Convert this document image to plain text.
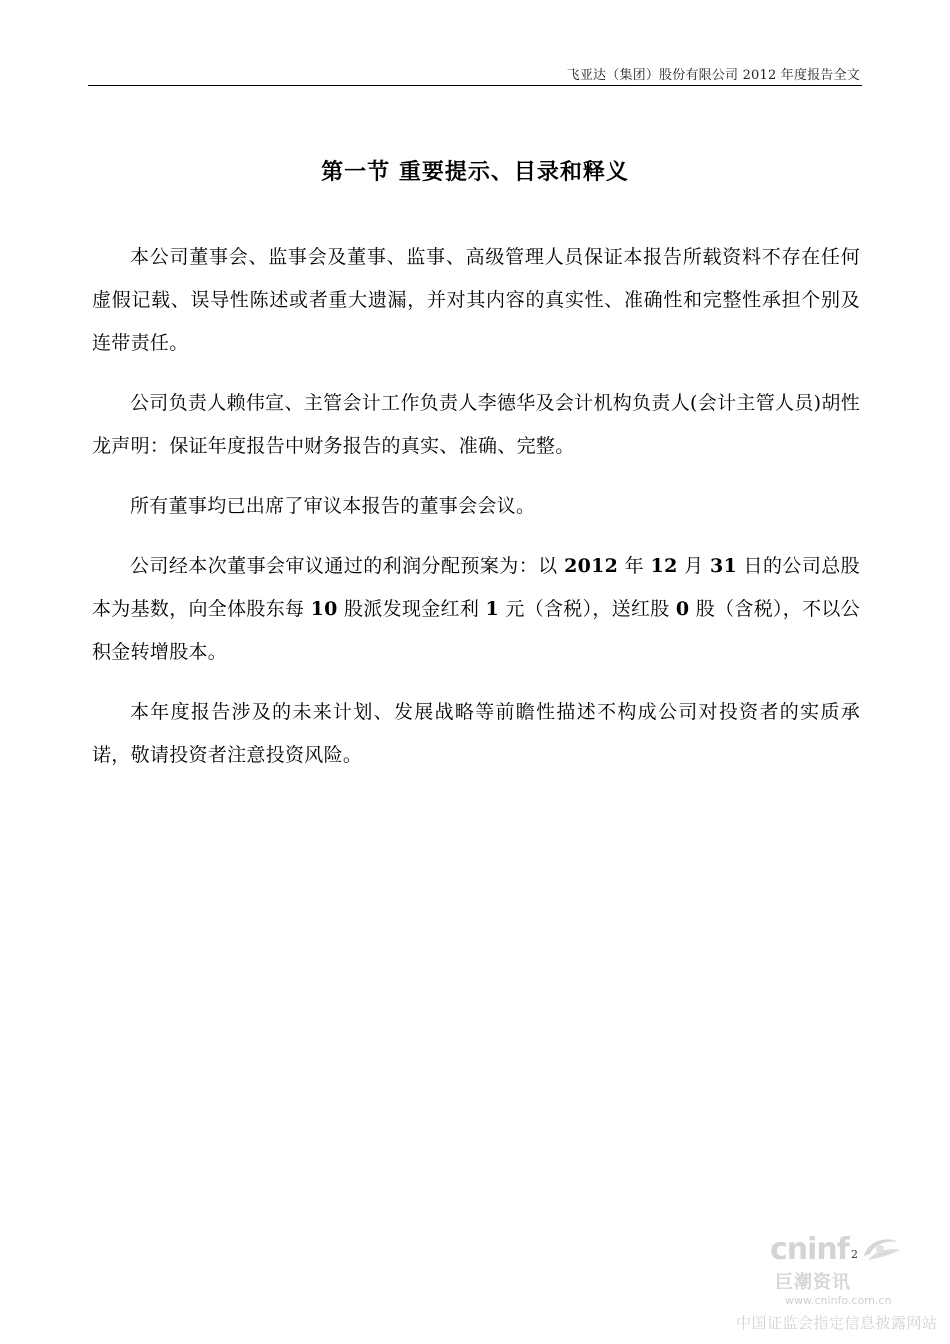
飞亚达（集团）股份有限公司 2012 年度报告全文
第一节 重要提示、目录和释义

本公司董事会、监事会及董事、监事、高级管理人员保证本报告所载资料不存在任何虚假记载、误导性陈述或者重大遗漏，并对其内容的真实性、准确性和完整性承担个别及连带责任。

公司负责人赖伟宣、主管会计工作负责人李德华及会计机构负责人(会计主管人员)胡性龙声明：保证年度报告中财务报告的真实、准确、完整。

所有董事均已出席了审议本报告的董事会会议。

公司经本次董事会审议通过的利润分配预案为：以 2012 年 12 月 31 日的公司总股本为基数，向全体股东每 10 股派发现金红利 1 元（含税），送红股 0 股（含税），不以公积金转增股本。

本年度报告涉及的未来计划、发展战略等前瞻性描述不构成公司对投资者的实质承诺，敬请投资者注意投资风险。

cninf 2
巨潮资讯
www.cninfo.com.cn
中国证监会指定信息披露网站
